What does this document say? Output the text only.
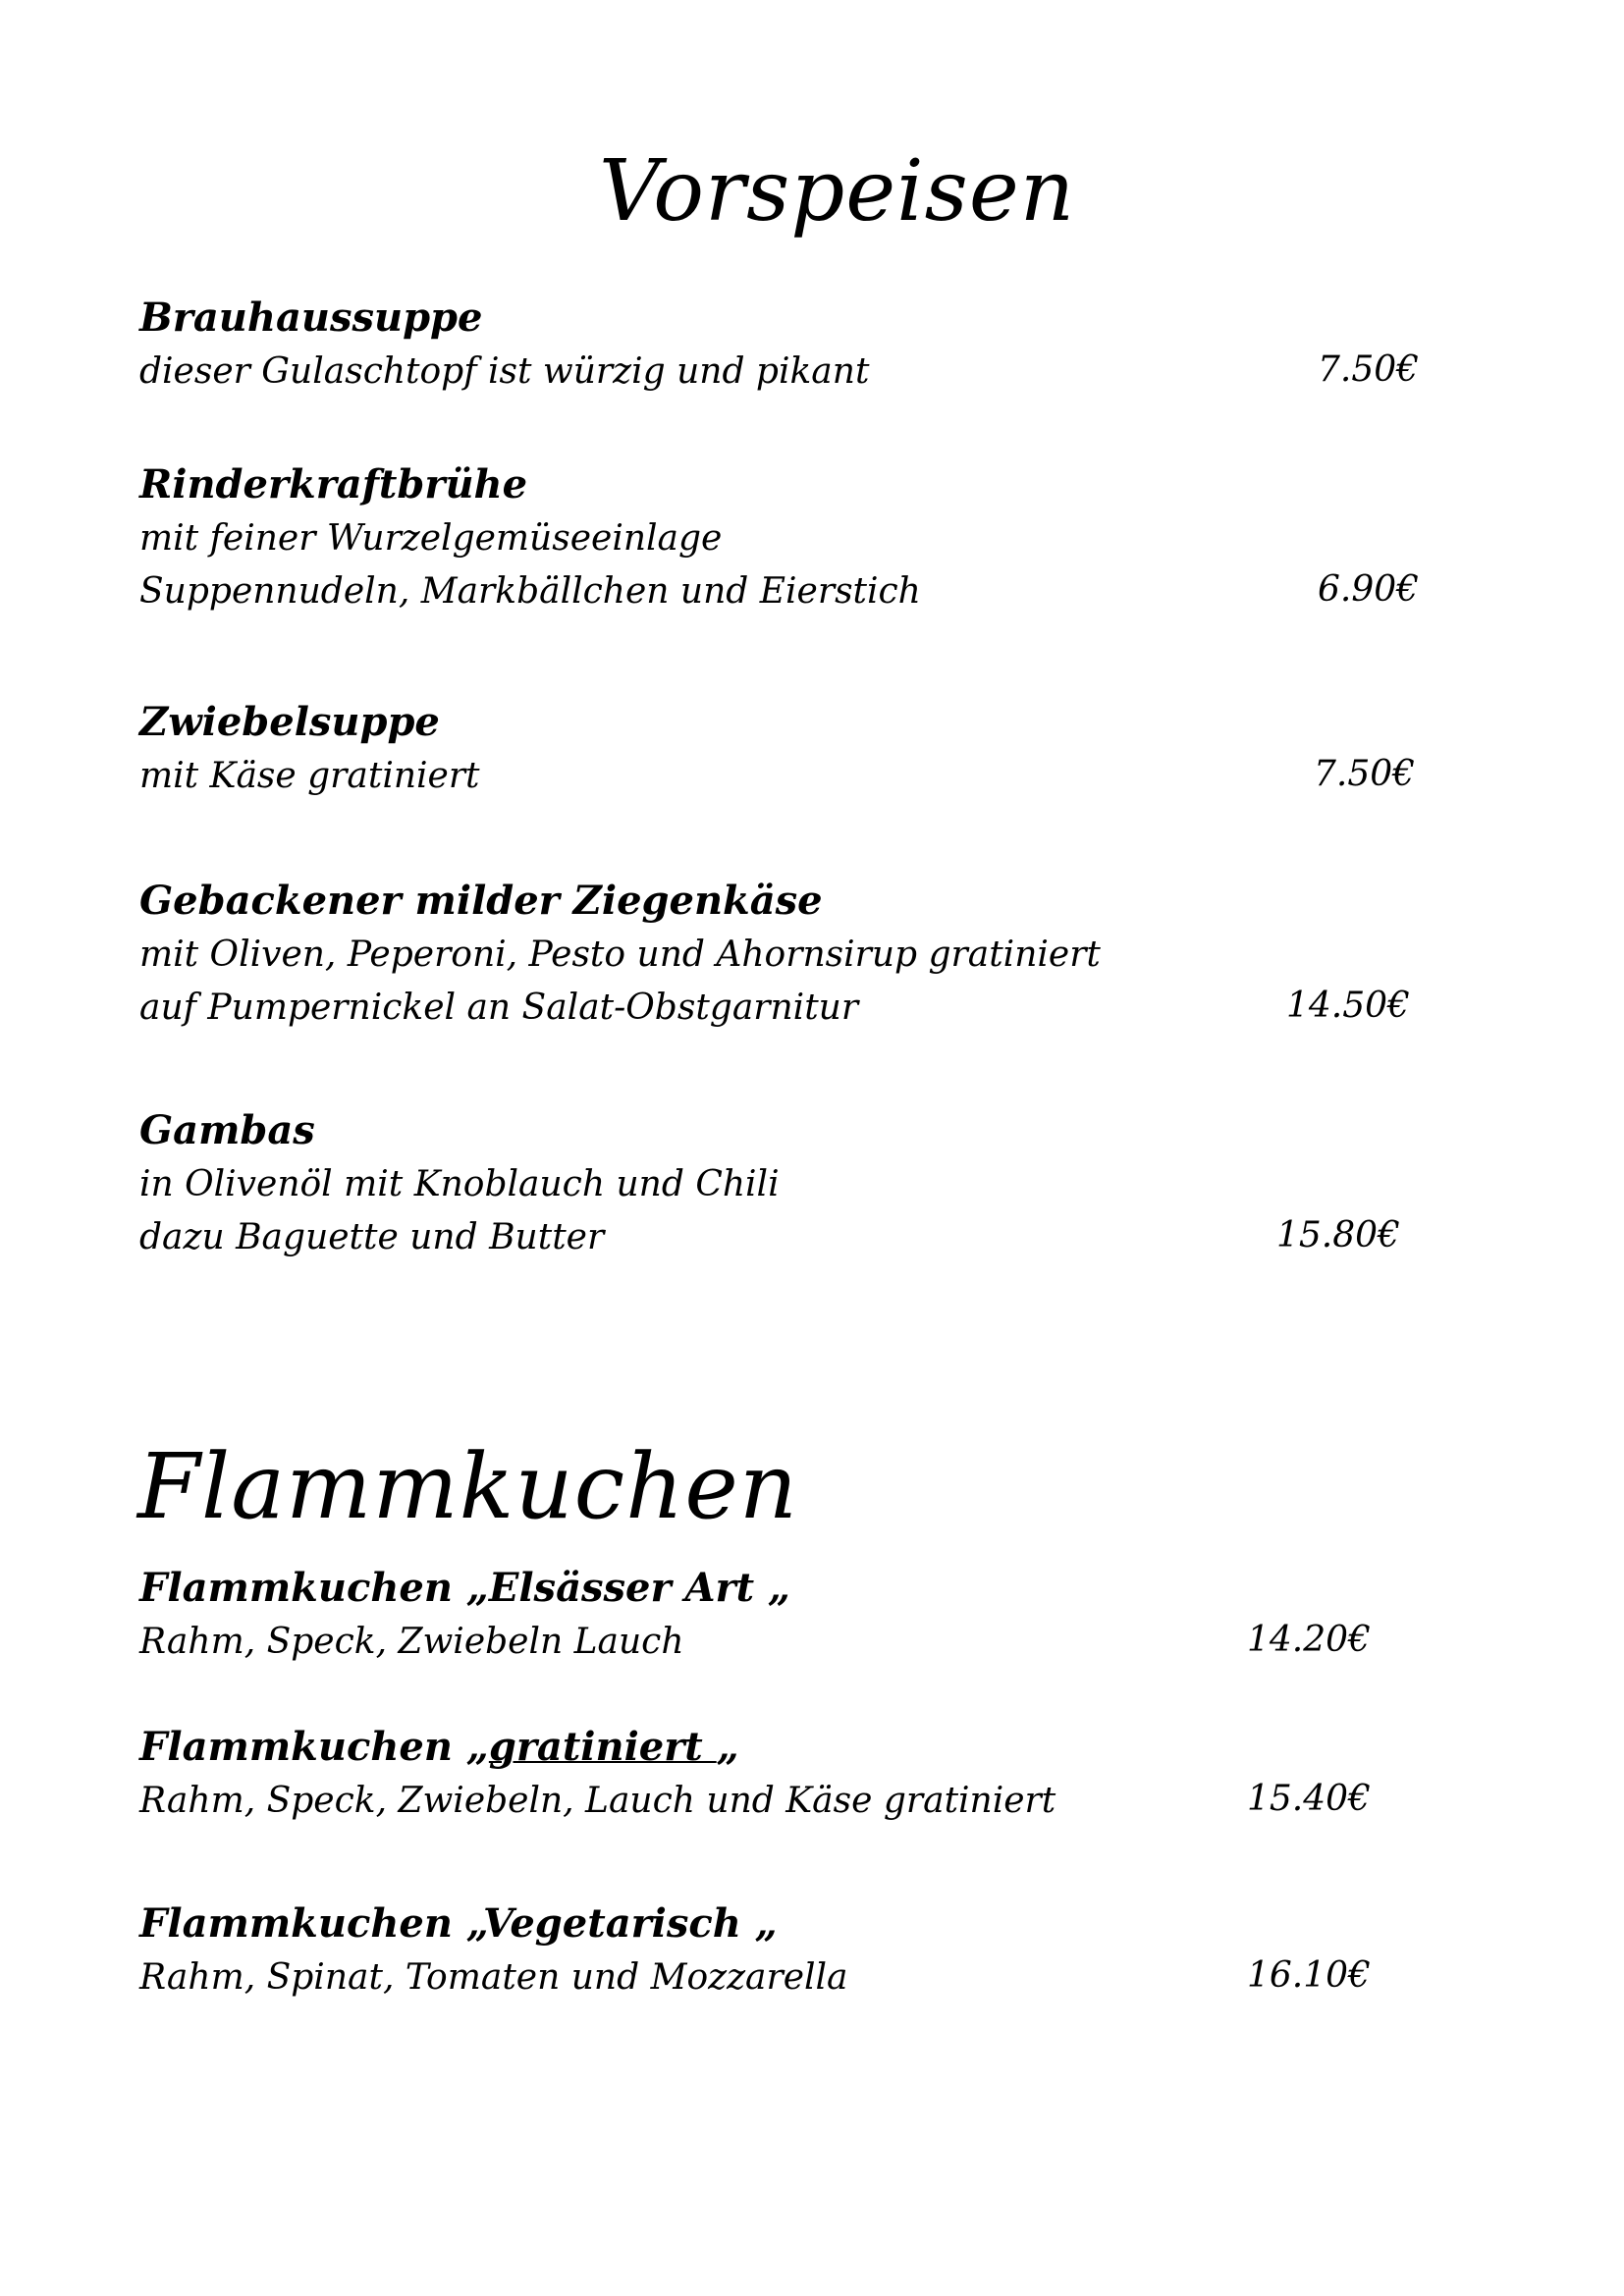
Vorspeisen
Brauhaussuppe
dieser Gulaschtopf ist würzig und pikant	7.50€
Rinderkraftbrühe
mit feiner Wurzelgemüseeinlage
Suppennudeln, Markbällchen und Eierstich	6.90€
Zwiebelsuppe
mit Käse gratiniert	7.50€
Gebackener milder Ziegenkäse
mit Oliven, Peperoni, Pesto und Ahornsirup gratiniert
auf Pumpernickel an Salat-Obstgarnitur	14.50€
Gambas
in Olivenöl mit Knoblauch und Chili
dazu Baguette und Butter	15.80€
Flammkuchen
Flammkuchen „Elsässer Art „
Rahm, Speck, Zwiebeln Lauch	14.20€
Flammkuchen „gratiniert „
Rahm, Speck, Zwiebeln, Lauch und Käse gratiniert	15.40€
Flammkuchen „Vegetarisch „
Rahm, Spinat, Tomaten und Mozzarella	16.10€
